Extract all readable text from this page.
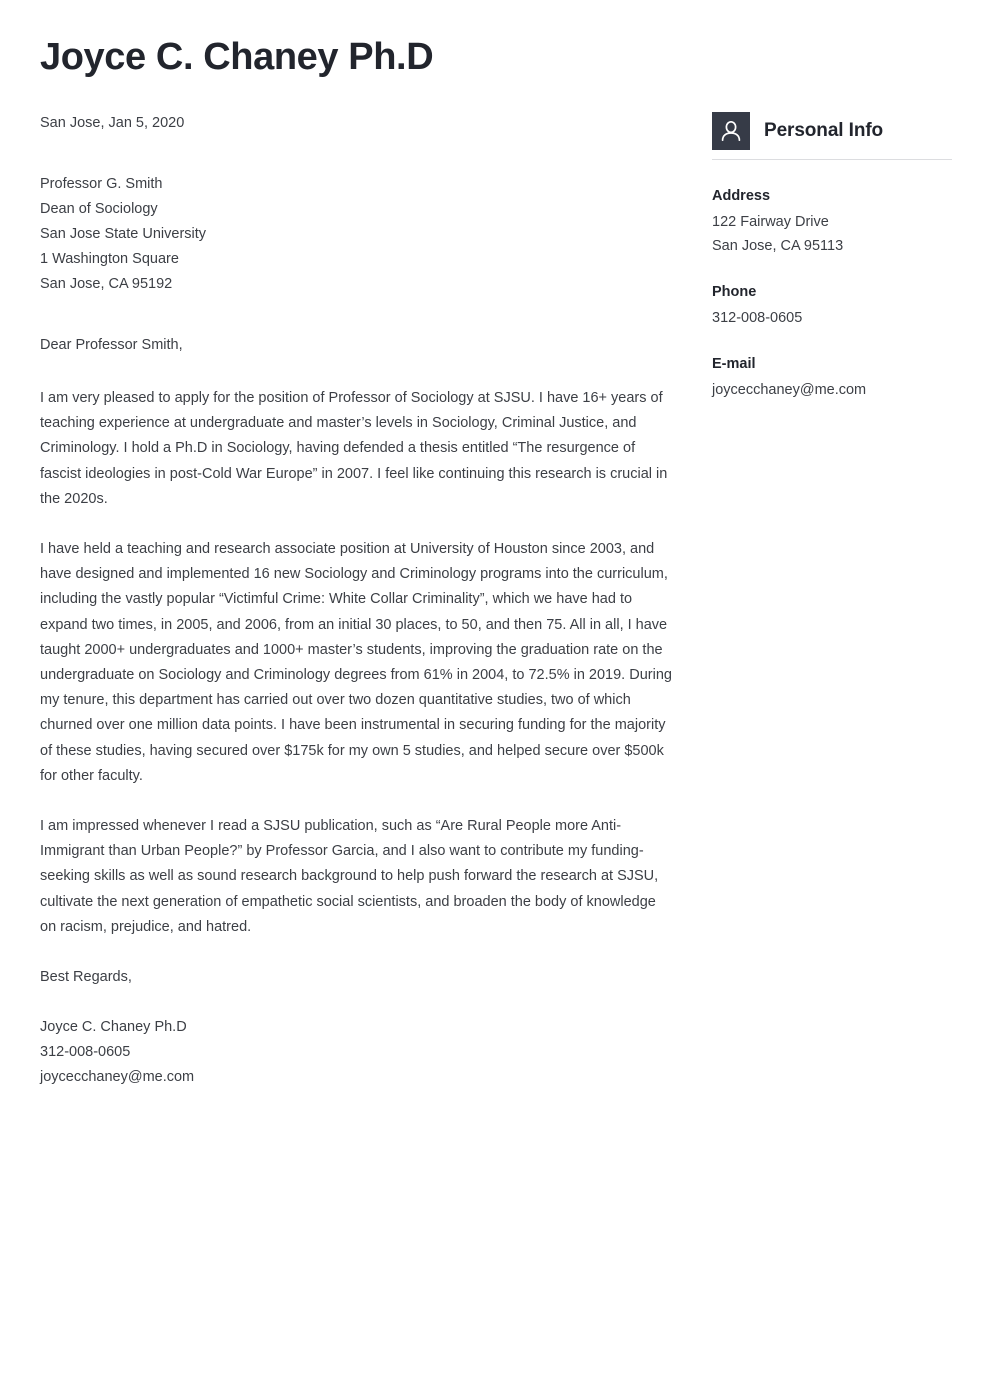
Joyce C. Chaney Ph.D
San Jose, Jan 5, 2020
Professor G. Smith
Dean of Sociology
San Jose State University
1 Washington Square
San Jose, CA 95192
Dear Professor Smith,

I am very pleased to apply for the position of Professor of Sociology at SJSU. I have 16+ years of teaching experience at undergraduate and master’s levels in Sociology, Criminal Justice, and Criminology. I hold a Ph.D in Sociology, having defended a thesis entitled “The resurgence of fascist ideologies in post-Cold War Europe” in 2007. I feel like continuing this research is crucial in the 2020s.

I have held a teaching and research associate position at University of Houston since 2003, and have designed and implemented 16 new Sociology and Criminology programs into the curriculum, including the vastly popular “Victimful Crime: White Collar Criminality”, which we have had to expand two times, in 2005, and 2006, from an initial 30 places, to 50, and then 75. All in all, I have taught 2000+ undergraduates and 1000+ master’s students, improving the graduation rate on the undergraduate on Sociology and Criminology degrees from 61% in 2004, to 72.5% in 2019. During my tenure, this department has carried out over two dozen quantitative studies, two of which churned over one million data points. I have been instrumental in securing funding for the majority of these studies, having secured over $175k for my own 5 studies, and helped secure over $500k for other faculty.

I am impressed whenever I read a SJSU publication, such as “Are Rural People more Anti-Immigrant than Urban People?” by Professor Garcia, and I also want to contribute my funding-seeking skills as well as sound research background to help push forward the research at SJSU, cultivate the next generation of empathetic social scientists, and broaden the body of knowledge on racism, prejudice, and hatred.

Best Regards,
Joyce C. Chaney Ph.D
312-008-0605
joycecchaney@me.com
Personal Info
Address
122 Fairway Drive
San Jose, CA 95113
Phone
312-008-0605
E-mail
joycecchaney@me.com
